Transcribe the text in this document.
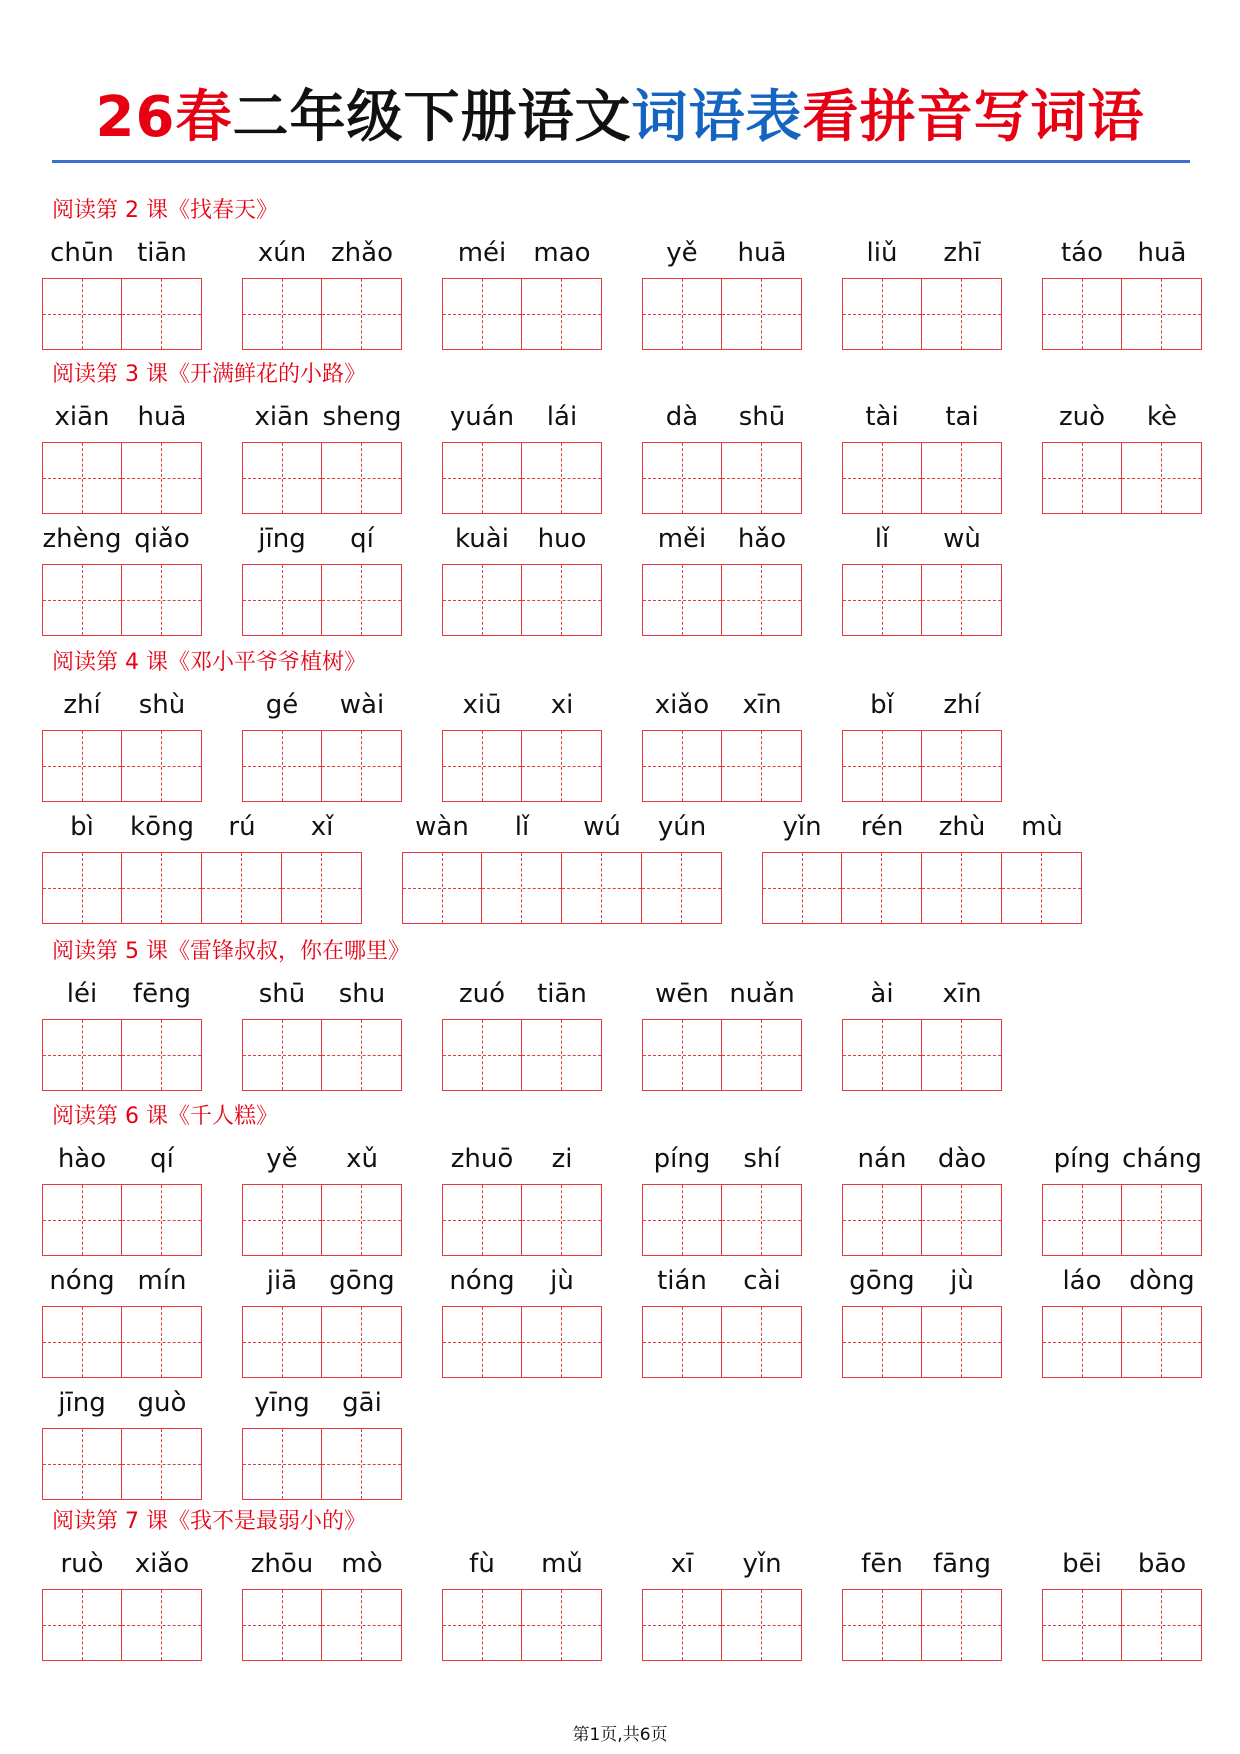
26春二年级下册语文词语表看拼音写词语
阅读第 2 课《找春天》
chūn tiān	xún zhǎo	méi	mao	yě	huā	liǔ	zhī	táo	huā
阅读第 3 课《开满鲜花的小路》
xiān	huā	xiān sheng	yuán	lái	dà	shū	tài	tai	zuò	kè
zhèng qiǎo	jīng	qí	kuài	huo	měi	hǎo	lǐ	wù
阅读第 4 课《邓小平爷爷植树》
zhí	shù	gé	wài	xiū	xi	xiǎo	xīn	bǐ	zhí
bì	kōng	rú	xǐ	wàn	lǐ	wú	yún	yǐn	rén	zhù	mù
阅读第 5 课《雷锋叔叔，你在哪里》
léi	fēng	shū	shu	zuó	tiān	wēn nuǎn	ài	xīn
阅读第 6 课《千人糕》
hào	qí	yě	xǔ	zhuō	zi	píng	shí	nán	dào	píng cháng
nóng mín	jiā	gōng nóng	jù	tián	cài	gōng	jù	láo	dòng
jīng	guò	yīng	gāi
阅读第 7 课《我不是最弱小的》
ruò	xiǎo	zhōu	mò	fù	mǔ	xī	yǐn	fēn	fāng	bēi	bāo
第1页,共6页
